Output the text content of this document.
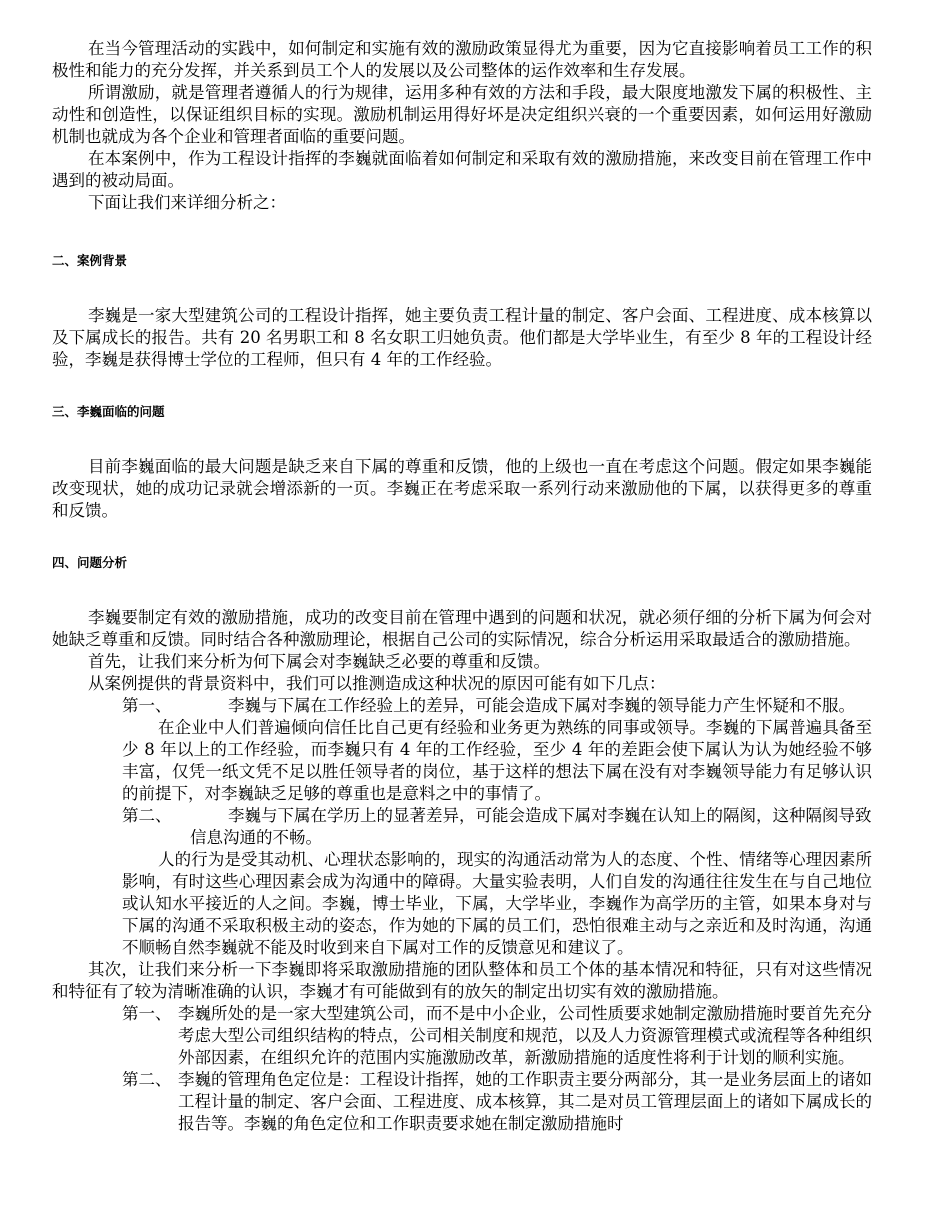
在当今管理活动的实践中，如何制定和实施有效的激励政策显得尤为重要，因为它直接影响着员工工作的积极性和能力的充分发挥，并关系到员工个人的发展以及公司整体的运作效率和生存发展。

所谓激励，就是管理者遵循人的行为规律，运用多种有效的方法和手段，最大限度地激发下属的积极性、主动性和创造性，以保证组织目标的实现。激励机制运用得好坏是决定组织兴衰的一个重要因素，如何运用好激励机制也就成为各个企业和管理者面临的重要问题。

在本案例中，作为工程设计指挥的李巍就面临着如何制定和采取有效的激励措施，来改变目前在管理工作中遇到的被动局面。

下面让我们来详细分析之：

二、案例背景

李巍是一家大型建筑公司的工程设计指挥，她主要负责工程计量的制定、客户会面、工程进度、成本核算以及下属成长的报告。共有 20 名男职工和 8 名女职工归她负责。他们都是大学毕业生，有至少 8 年的工程设计经验，李巍是获得博士学位的工程师，但只有 4 年的工作经验。

三、李巍面临的问题

目前李巍面临的最大问题是缺乏来自下属的尊重和反馈，他的上级也一直在考虑这个问题。假定如果李巍能改变现状，她的成功记录就会增添新的一页。李巍正在考虑采取一系列行动来激励他的下属，以获得更多的尊重和反馈。

四、问题分析

李巍要制定有效的激励措施，成功的改变目前在管理中遇到的问题和状况，就必须仔细的分析下属为何会对她缺乏尊重和反馈。同时结合各种激励理论，根据自己公司的实际情况，综合分析运用采取最适合的激励措施。

首先，让我们来分析为何下属会对李巍缺乏必要的尊重和反馈。

从案例提供的背景资料中，我们可以推测造成这种状况的原因可能有如下几点：

第一、	李巍与下属在工作经验上的差异，可能会造成下属对李巍的领导能力产生怀疑和不服。

在企业中人们普遍倾向信任比自己更有经验和业务更为熟练的同事或领导。李巍的下属普遍具备至少 8 年以上的工作经验，而李巍只有 4 年的工作经验，至少 4 年的差距会使下属认为认为她经验不够丰富，仅凭一纸文凭不足以胜任领导者的岗位，基于这样的想法下属在没有对李巍领导能力有足够认识的前提下，对李巍缺乏足够的尊重也是意料之中的事情了。

第二、	李巍与下属在学历上的显著差异，可能会造成下属对李巍在认知上的隔阂，这种隔阂导致信息沟通的不畅。

人的行为是受其动机、心理状态影响的，现实的沟通活动常为人的态度、个性、情绪等心理因素所影响，有时这些心理因素会成为沟通中的障碍。大量实验表明，人们自发的沟通往往发生在与自己地位或认知水平接近的人之间。李巍，博士毕业，下属，大学毕业，李巍作为高学历的主管，如果本身对与下属的沟通不采取积极主动的姿态，作为她的下属的员工们，恐怕很难主动与之亲近和及时沟通，沟通不顺畅自然李巍就不能及时收到来自下属对工作的反馈意见和建议了。

其次，让我们来分析一下李巍即将采取激励措施的团队整体和员工个体的基本情况和特征，只有对这些情况和特征有了较为清晰准确的认识，李巍才有可能做到有的放矢的制定出切实有效的激励措施。

第一、 李巍所处的是一家大型建筑公司，而不是中小企业，公司性质要求她制定激励措施时要首先充分考虑大型公司组织结构的特点，公司相关制度和规范，以及人力资源管理模式或流程等各种组织外部因素，在组织允许的范围内实施激励改革，新激励措施的适度性将利于计划的顺利实施。
第二、 李巍的管理角色定位是：工程设计指挥，她的工作职责主要分两部分，其一是业务层面上的诸如工程计量的制定、客户会面、工程进度、成本核算，其二是对员工管理层面上的诸如下属成长的报告等。李巍的角色定位和工作职责要求她在制定激励措施时
